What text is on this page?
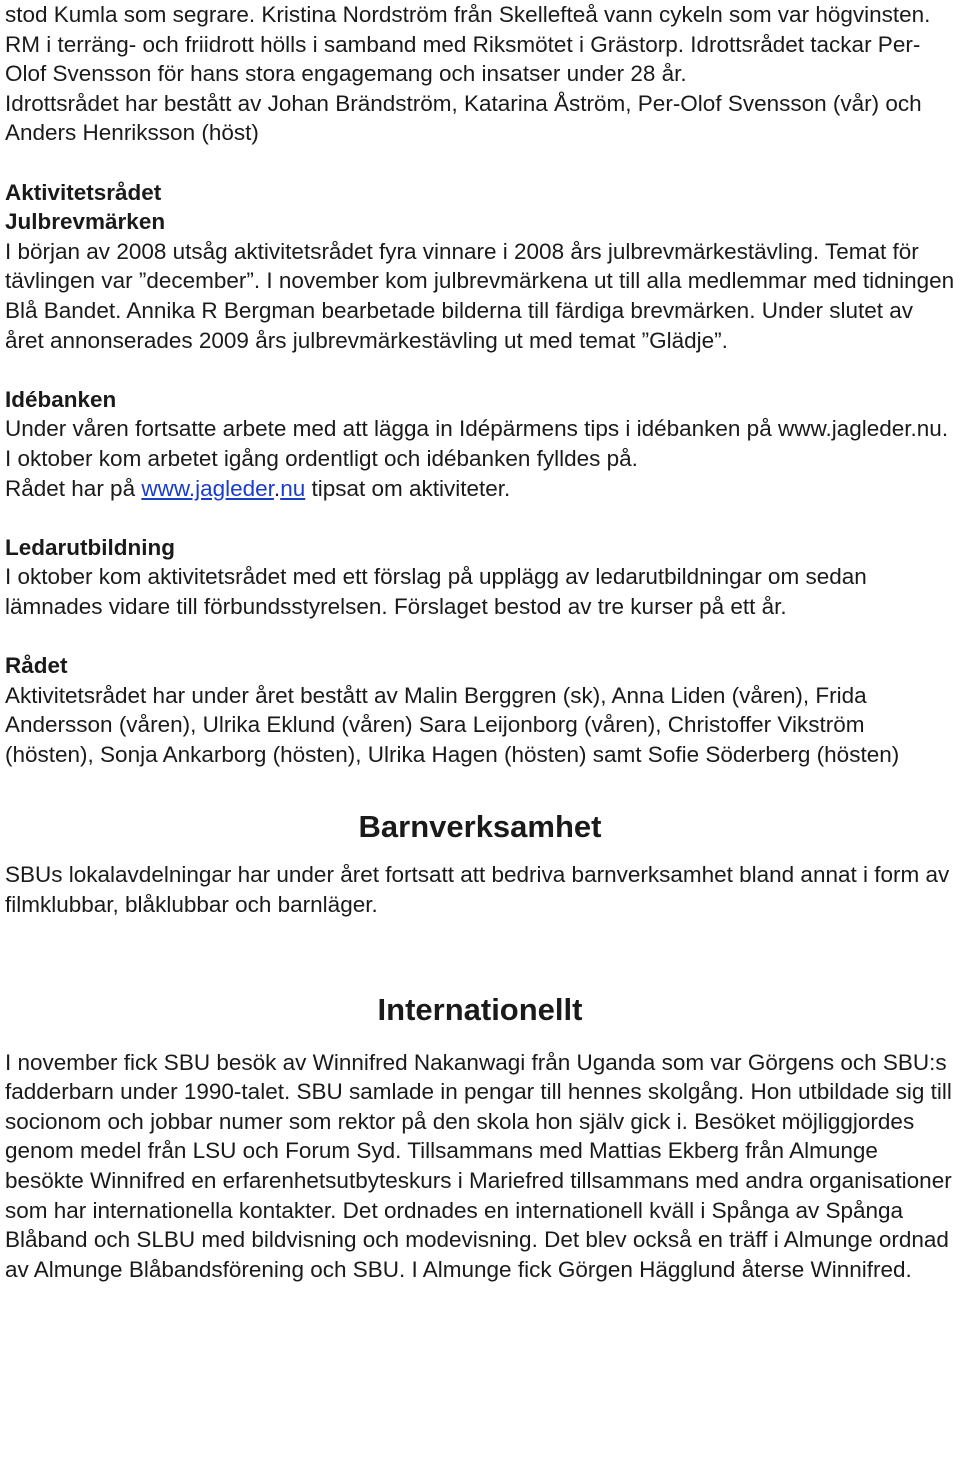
stod Kumla som segrare. Kristina Nordström från Skellefteå vann cykeln som var högvinsten. RM i terräng- och friidrott hölls i samband med Riksmötet i Grästorp. Idrottsrådet tackar Per-Olof Svensson för hans stora engagemang och insatser under 28 år.

Idrottsrådet har bestått av Johan Brändström, Katarina Åström, Per-Olof Svensson (vår) och Anders Henriksson (höst)

Aktivitetsrådet

Julbrevmärken

I början av 2008 utsåg aktivitetsrådet fyra vinnare i 2008 års julbrevmärkestävling. Temat för tävlingen var ”december”. I november kom julbrevmärkena ut till alla medlemmar med tidningen Blå Bandet. Annika R Bergman bearbetade bilderna till färdiga brevmärken. Under slutet av året annonserades 2009 års julbrevmärkestävling ut med temat ”Glädje”.

Idébanken

Under våren fortsatte arbete med att lägga in Idépärmens tips i idébanken på www.jagleder.nu. I oktober kom arbetet igång ordentligt och idébanken fylldes på.

Rådet har på www.jagleder.nu tipsat om aktiviteter.

Ledarutbildning

I oktober kom aktivitetsrådet med ett förslag på upplägg av ledarutbildningar om sedan lämnades vidare till förbundsstyrelsen. Förslaget bestod av tre kurser på ett år.

Rådet

Aktivitetsrådet har under året bestått av Malin Berggren (sk), Anna Liden (våren), Frida Andersson (våren), Ulrika Eklund (våren) Sara Leijonborg (våren), Christoffer Vikström (hösten), Sonja Ankarborg (hösten), Ulrika Hagen (hösten) samt Sofie Söderberg (hösten)

Barnverksamhet

SBUs lokalavdelningar har under året fortsatt att bedriva barnverksamhet bland annat i form av filmklubbar, blåklubbar och barnläger.

Internationellt

I november fick SBU besök av Winnifred Nakanwagi från Uganda som var Görgens och SBU:s fadderbarn under 1990-talet. SBU samlade in pengar till hennes skolgång. Hon utbildade sig till socionom och jobbar numer som rektor på den skola hon själv gick i. Besöket möjliggjordes genom medel från LSU och Forum Syd. Tillsammans med Mattias Ekberg från Almunge besökte Winnifred en erfarenhetsutbyteskurs i Mariefred tillsammans med andra organisationer som har internationella kontakter. Det ordnades en internationell kväll i Spånga av Spånga Blåband och SLBU med bildvisning och modevisning. Det blev också en träff i Almunge ordnad av Almunge Blåbandsförening och SBU. I Almunge fick Görgen Hägglund återse Winnifred.
